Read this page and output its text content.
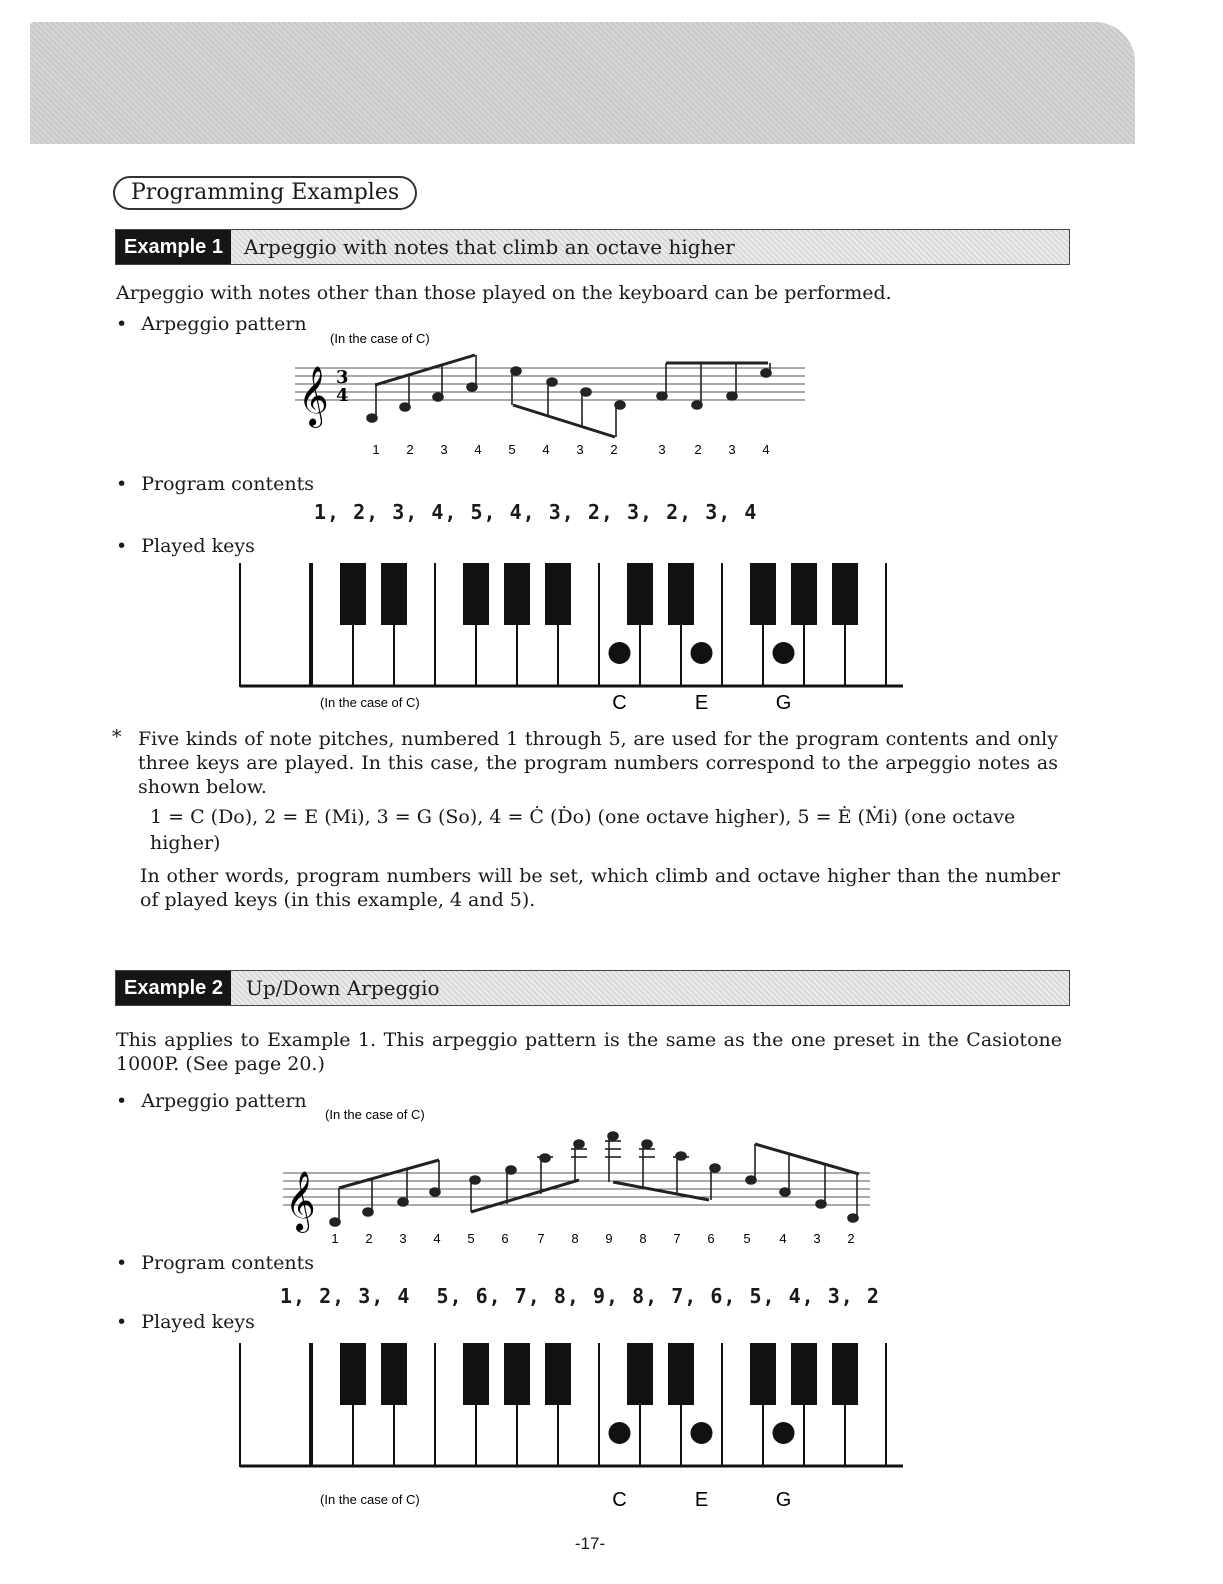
Programming Examples
Example 1	Arpeggio with notes that climb an octave higher
Arpeggio with notes other than those played on the keyboard can be performed.
• Arpeggio pattern
(In the case of C)
𝄞 3
4
1 2 3 4 5 4 3 2	3 2 3 4
• Program contents
1, 2, 3, 4, 5, 4, 3, 2, 3, 2, 3, 4
• Played keys
C	E	G
(In the case of C)
* Five kinds of note pitches, numbered 1 through 5, are used for the program contents and only three keys are played. In this case, the program numbers correspond to the arpeggio notes as shown below.
1 = C (Do), 2 = E (Mi), 3 = G (So), 4 = Ċ (Ḋo) (one octave higher), 5 = Ė (Ṁi) (one octave
higher)
In other words, program numbers will be set, which climb and octave higher than the number of played keys (in this example, 4 and 5).
Example 2	Up/Down Arpeggio
This applies to Example 1. This arpeggio pattern is the same as the one preset in the Casiotone 1000P. (See page 20.)
• Arpeggio pattern
(In the case of C)
𝄞
1 2 3 4 5 6 7 8 9 8 7 6 5 4 3 2
• Program contents
1, 2, 3, 4  5, 6, 7, 8, 9, 8, 7, 6, 5, 4, 3, 2
• Played keys
C	E	G
(In the case of C)
-17-
